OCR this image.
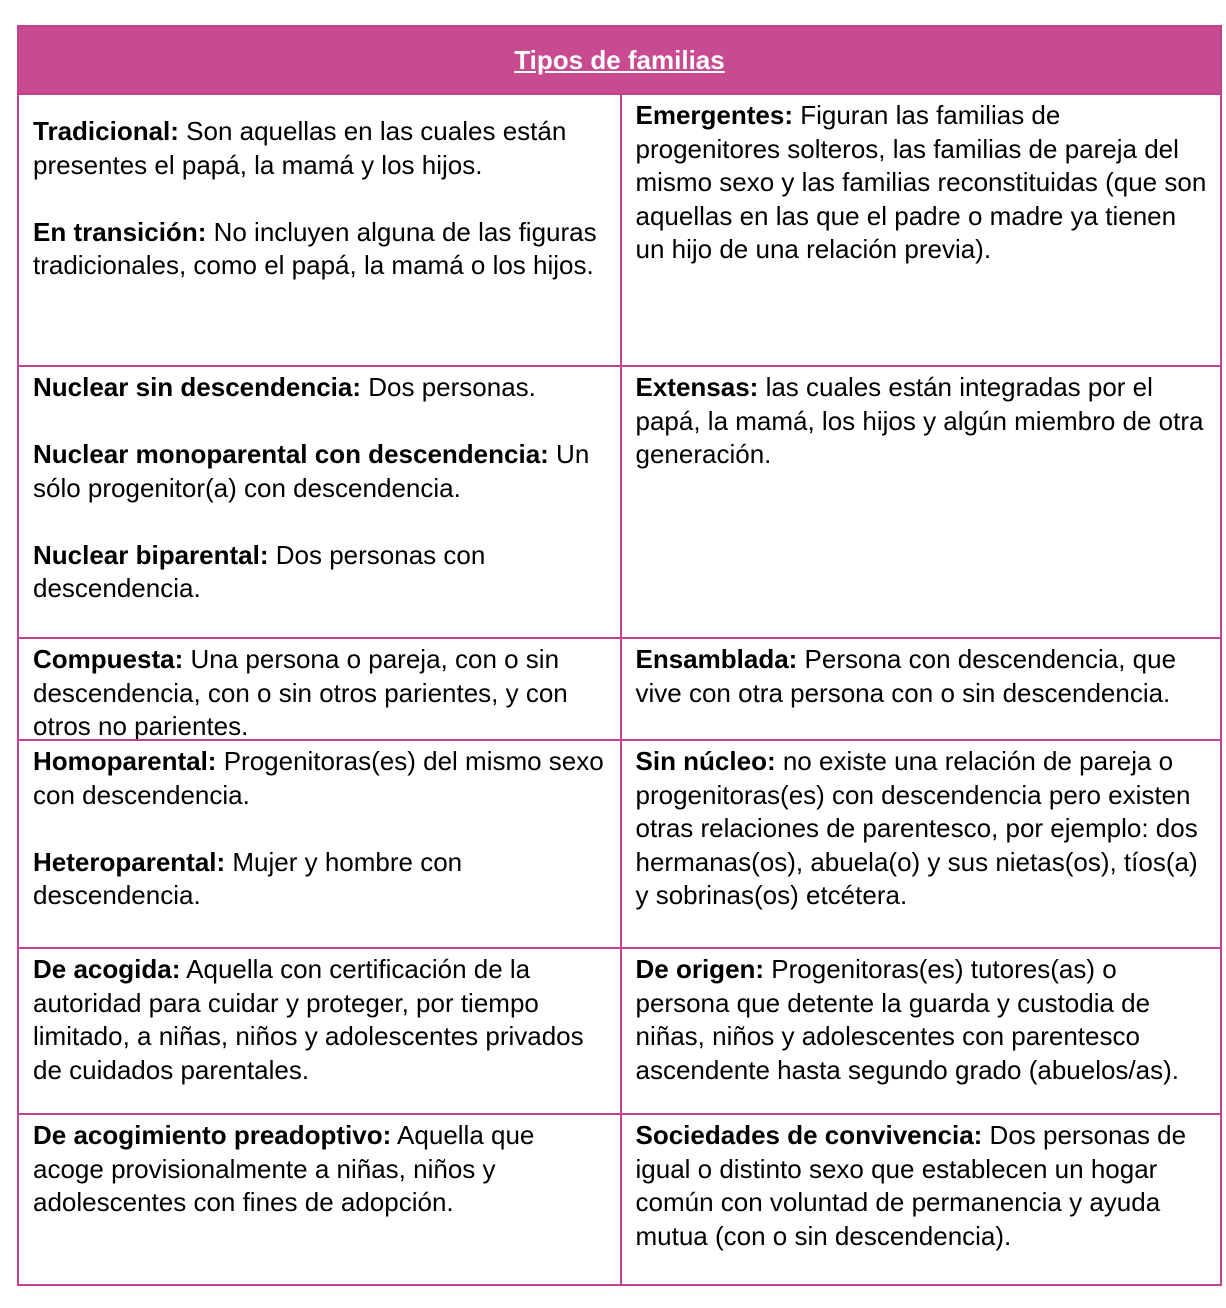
Tipos de familias

Tradicional: Son aquellas en las cuales están presentes el papá, la mamá y los hijos.

En transición: No incluyen alguna de las figuras tradicionales, como el papá, la mamá o los hijos.

Emergentes: Figuran las familias de progenitores solteros, las familias de pareja del mismo sexo y las familias reconstituidas (que son aquellas en las que el padre o madre ya tienen un hijo de una relación previa).

Nuclear sin descendencia: Dos personas.

Nuclear monoparental con descendencia: Un sólo progenitor(a) con descendencia.

Nuclear biparental: Dos personas con descendencia.

Extensas: las cuales están integradas por el papá, la mamá, los hijos y algún miembro de otra generación.

Compuesta: Una persona o pareja, con o sin descendencia, con o sin otros parientes, y con otros no parientes.

Ensamblada: Persona con descendencia, que vive con otra persona con o sin descendencia.

Homoparental: Progenitoras(es) del mismo sexo con descendencia.

Heteroparental: Mujer y hombre con descendencia.

Sin núcleo: no existe una relación de pareja o progenitoras(es) con descendencia pero existen otras relaciones de parentesco, por ejemplo: dos hermanas(os), abuela(o) y sus nietas(os), tíos(a) y sobrinas(os) etcétera.

De acogida: Aquella con certificación de la autoridad para cuidar y proteger, por tiempo limitado, a niñas, niños y adolescentes privados de cuidados parentales.

De origen: Progenitoras(es) tutores(as) o persona que detente la guarda y custodia de niñas, niños y adolescentes con parentesco ascendente hasta segundo grado (abuelos/as).

De acogimiento preadoptivo: Aquella que acoge provisionalmente a niñas, niños y adolescentes con fines de adopción.

Sociedades de convivencia: Dos personas de igual o distinto sexo que establecen un hogar común con voluntad de permanencia y ayuda mutua (con o sin descendencia).
